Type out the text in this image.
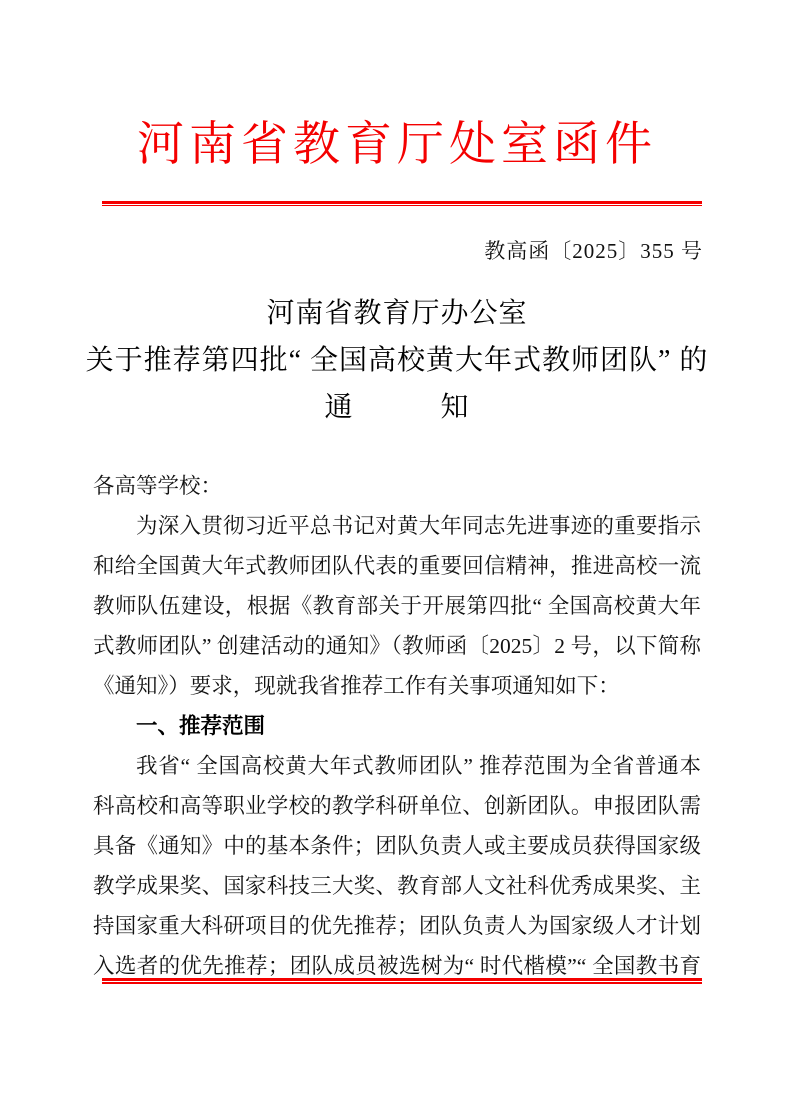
河南省教育厅处室函件
教高函〔2025〕355 号
河南省教育厅办公室
关于推荐第四批“ 全国高校黄大年式教师团队” 的
通　　　知
各高等学校：
为深入贯彻习近平总书记对黄大年同志先进事迹的重要指示
和给全国黄大年式教师团队代表的重要回信精神，推进高校一流
教师队伍建设，根据《教育部关于开展第四批“ 全国高校黄大年
式教师团队” 创建活动的通知》（教师函〔2025〕2 号，以下简称
《通知》）要求，现就我省推荐工作有关事项通知如下：
一、推荐范围
我省“ 全国高校黄大年式教师团队” 推荐范围为全省普通本
科高校和高等职业学校的教学科研单位、创新团队。申报团队需
具备《通知》中的基本条件；团队负责人或主要成员获得国家级
教学成果奖、国家科技三大奖、教育部人文社科优秀成果奖、主
持国家重大科研项目的优先推荐；团队负责人为国家级人才计划
入选者的优先推荐；团队成员被选树为“ 时代楷模”“ 全国教书育
